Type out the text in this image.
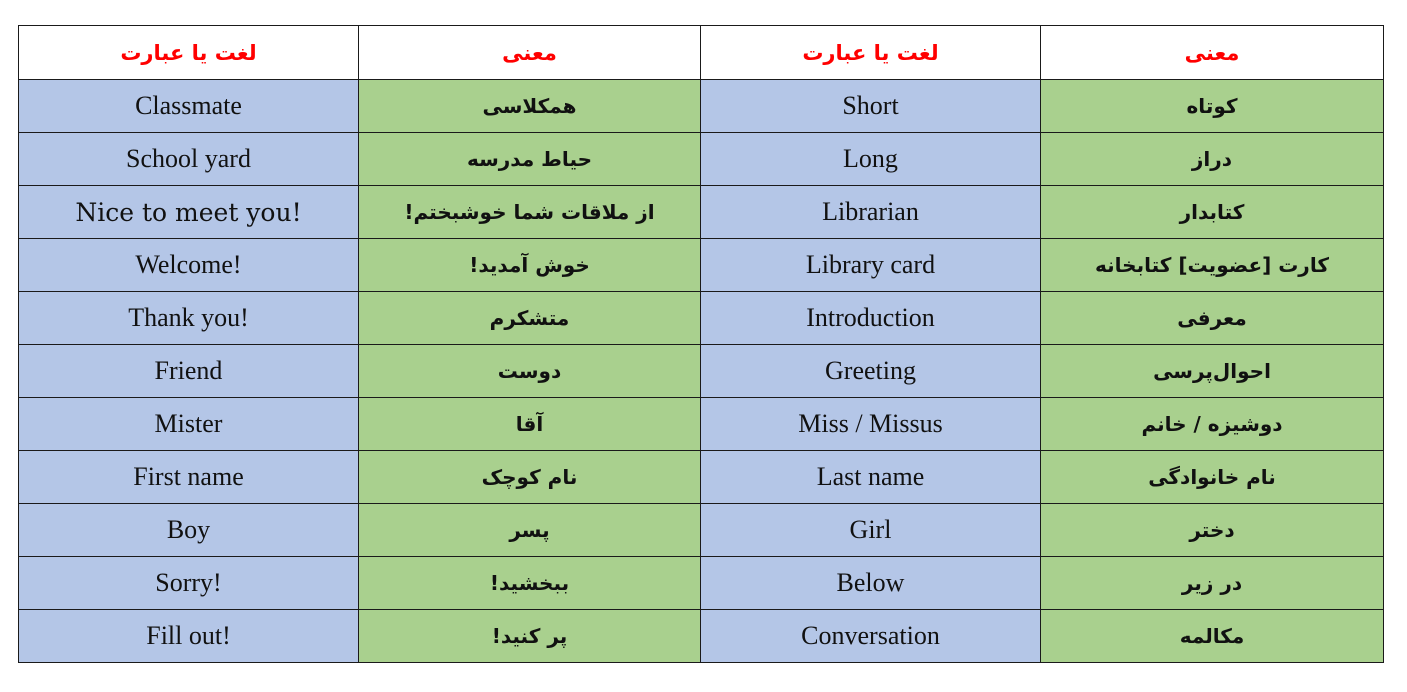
لغت یا عبارت	معنی	لغت یا عبارت	معنی
Classmate	همکلاسی	Short	کوتاه
School yard	حیاط مدرسه	Long	دراز
Nice to meet you!	از ملاقات شما خوشبختم!	Librarian	کتابدار
Welcome!	خوش آمدید!	Library card	کارت [عضویت] کتابخانه
Thank you!	متشکرم	Introduction	معرفی
Friend	دوست	Greeting	احوال‌پرسی
Mister	آقا	Miss / Missus	دوشیزه / خانم
First name	نام کوچک	Last name	نام خانوادگی
Boy	پسر	Girl	دختر
Sorry!	ببخشید!	Below	در زیر
Fill out!	پر کنید!	Conversation	مکالمه
